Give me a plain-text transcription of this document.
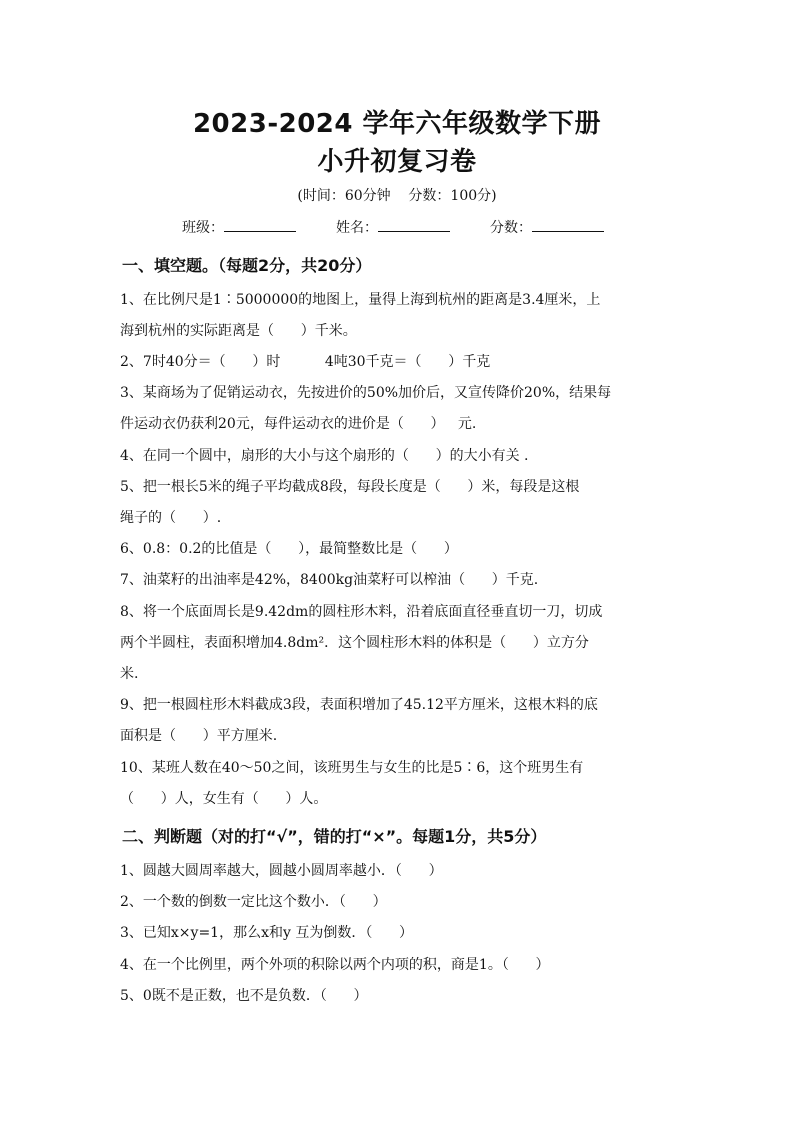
2023-2024 学年六年级数学下册
小升初复习卷
(时间：60分钟    分数：100分)
班级：	姓名：	分数：
一、填空题。（每题2分，共20分）
1、在比例尺是1∶5000000的地图上，量得上海到杭州的距离是3.4厘米，上
海到杭州的实际距离是（      ）千米。
2、7时40分＝（      ）时          4吨30千克＝（      ）千克
3、某商场为了促销运动衣，先按进价的50%加价后，又宣传降价20%，结果每
件运动衣仍获利20元，每件运动衣的进价是（      ）   元.
4、在同一个圆中，扇形的大小与这个扇形的（      ）的大小有关 .
5、把一根长5米的绳子平均截成8段，每段长度是（      ）米，每段是这根
绳子的（      ）.
6、0.8：0.2的比值是（      ），最简整数比是（      ）
7、油菜籽的出油率是42%，8400kg油菜籽可以榨油（      ）千克.
8、将一个底面周长是9.42dm的圆柱形木料，沿着底面直径垂直切一刀，切成
两个半圆柱，表面积增加4.8dm²．这个圆柱形木料的体积是（      ）立方分
米.
9、把一根圆柱形木料截成3段，表面积增加了45.12平方厘米，这根木料的底
面积是（      ）平方厘米.
10、某班人数在40～50之间，该班男生与女生的比是5∶6，这个班男生有
（      ）人，女生有（      ）人。
二、判断题（对的打“√”，错的打“×”。每题1分，共5分）
1、圆越大圆周率越大，圆越小圆周率越小．（      ）
2、一个数的倒数一定比这个数小．（      ）
3、已知x×y=1，那么x和y 互为倒数．（      ）
4、在一个比例里，两个外项的积除以两个内项的积，商是1。（      ）
5、0既不是正数，也不是负数．（      ）
